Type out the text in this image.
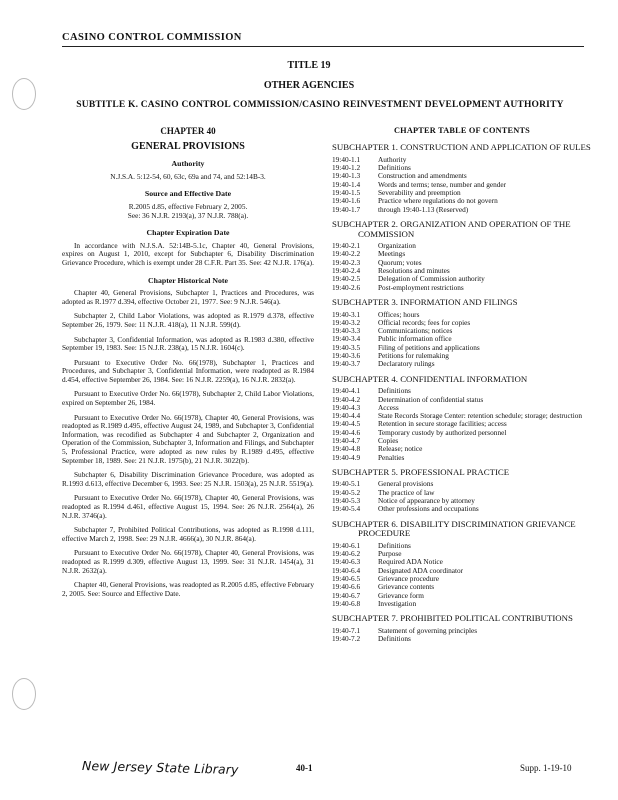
CASINO CONTROL COMMISSION
TITLE 19
OTHER AGENCIES
SUBTITLE K. CASINO CONTROL COMMISSION/CASINO REINVESTMENT DEVELOPMENT AUTHORITY
CHAPTER 40
GENERAL PROVISIONS
Authority
N.J.S.A. 5:12-54, 60, 63c, 69a and 74, and 52:14B-3.
Source and Effective Date
R.2005 d.85, effective February 2, 2005.
See: 36 N.J.R. 2193(a), 37 N.J.R. 788(a).
Chapter Expiration Date

In accordance with N.J.S.A. 52:14B-5.1c, Chapter 40, General Provisions, expires on August 1, 2010, except for Subchapter 6, Disability Discrimination Grievance Procedure, which is exempt under 28 C.F.R. Part 35. See: 42 N.J.R. 176(a).

Chapter Historical Note

Chapter 40, General Provisions, Subchapter 1, Practices and Procedures, was adopted as R.1977 d.394, effective October 21, 1977. See: 9 N.J.R. 546(a).

Subchapter 2, Child Labor Violations, was adopted as R.1979 d.378, effective September 26, 1979. See: 11 N.J.R. 418(a), 11 N.J.R. 599(d).

Subchapter 3, Confidential Information, was adopted as R.1983 d.380, effective September 19, 1983. See: 15 N.J.R. 238(a), 15 N.J.R. 1604(c).

Pursuant to Executive Order No. 66(1978), Subchapter 1, Practices and Procedures, and Subchapter 3, Confidential Information, were readopted as R.1984 d.454, effective September 26, 1984. See: 16 N.J.R. 2259(a), 16 N.J.R. 2832(a).

Pursuant to Executive Order No. 66(1978), Subchapter 2, Child Labor Violations, expired on September 26, 1984.

Pursuant to Executive Order No. 66(1978), Chapter 40, General Provisions, was readopted as R.1989 d.495, effective August 24, 1989, and Subchapter 3, Confidential Information, was recodified as Subchapter 4 and Subchapter 2, Organization and Operation of the Commission, Subchapter 3, Information and Filings, and Subchapter 5, Professional Practice, were adopted as new rules by R.1989 d.495, effective September 18, 1989. See: 21 N.J.R. 1975(b), 21 N.J.R. 3022(b).

Subchapter 6, Disability Discrimination Grievance Procedure, was adopted as R.1993 d.613, effective December 6, 1993. See: 25 N.J.R. 1503(a), 25 N.J.R. 5519(a).

Pursuant to Executive Order No. 66(1978), Chapter 40, General Provisions, was readopted as R.1994 d.461, effective August 15, 1994. See: 26 N.J.R. 2564(a), 26 N.J.R. 3746(a).

Subchapter 7, Prohibited Political Contributions, was adopted as R.1998 d.111, effective March 2, 1998. See: 29 N.J.R. 4666(a), 30 N.J.R. 864(a).

Pursuant to Executive Order No. 66(1978), Chapter 40, General Provisions, was readopted as R.1999 d.309, effective August 13, 1999. See: 31 N.J.R. 1454(a), 31 N.J.R. 2632(a).

Chapter 40, General Provisions, was readopted as R.2005 d.85, effective February 2, 2005. See: Source and Effective Date.

CHAPTER TABLE OF CONTENTS
SUBCHAPTER 1. CONSTRUCTION AND APPLICATION OF RULES
19:40-1.1	Authority
19:40-1.2	Definitions
19:40-1.3	Construction and amendments
19:40-1.4	Words and terms; tense, number and gender
19:40-1.5	Severability and preemption
19:40-1.6	Practice where regulations do not govern
19:40-1.7	through 19:40-1.13 (Reserved)
SUBCHAPTER 2. ORGANIZATION AND OPERATION OF THE COMMISSION
19:40-2.1	Organization
19:40-2.2	Meetings
19:40-2.3	Quorum; votes
19:40-2.4	Resolutions and minutes
19:40-2.5	Delegation of Commission authority
19:40-2.6	Post-employment restrictions
SUBCHAPTER 3. INFORMATION AND FILINGS
19:40-3.1	Offices; hours
19:40-3.2	Official records; fees for copies
19:40-3.3	Communications; notices
19:40-3.4	Public information office
19:40-3.5	Filing of petitions and applications
19:40-3.6	Petitions for rulemaking
19:40-3.7	Declaratory rulings
SUBCHAPTER 4. CONFIDENTIAL INFORMATION
19:40-4.1	Definitions
19:40-4.2	Determination of confidential status
19:40-4.3	Access
19:40-4.4	State Records Storage Center: retention schedule; storage; destruction
19:40-4.5	Retention in secure storage facilities; access
19:40-4.6	Temporary custody by authorized personnel
19:40-4.7	Copies
19:40-4.8	Release; notice
19:40-4.9	Penalties
SUBCHAPTER 5. PROFESSIONAL PRACTICE
19:40-5.1	General provisions
19:40-5.2	The practice of law
19:40-5.3	Notice of appearance by attorney
19:40-5.4	Other professions and occupations
SUBCHAPTER 6. DISABILITY DISCRIMINATION GRIEVANCE PROCEDURE
19:40-6.1	Definitions
19:40-6.2	Purpose
19:40-6.3	Required ADA Notice
19:40-6.4	Designated ADA coordinator
19:40-6.5	Grievance procedure
19:40-6.6	Grievance contents
19:40-6.7	Grievance form
19:40-6.8	Investigation
SUBCHAPTER 7. PROHIBITED POLITICAL CONTRIBUTIONS
19:40-7.1	Statement of governing principles
19:40-7.2	Definitions
New Jersey State Library	40-1	Supp. 1-19-10
